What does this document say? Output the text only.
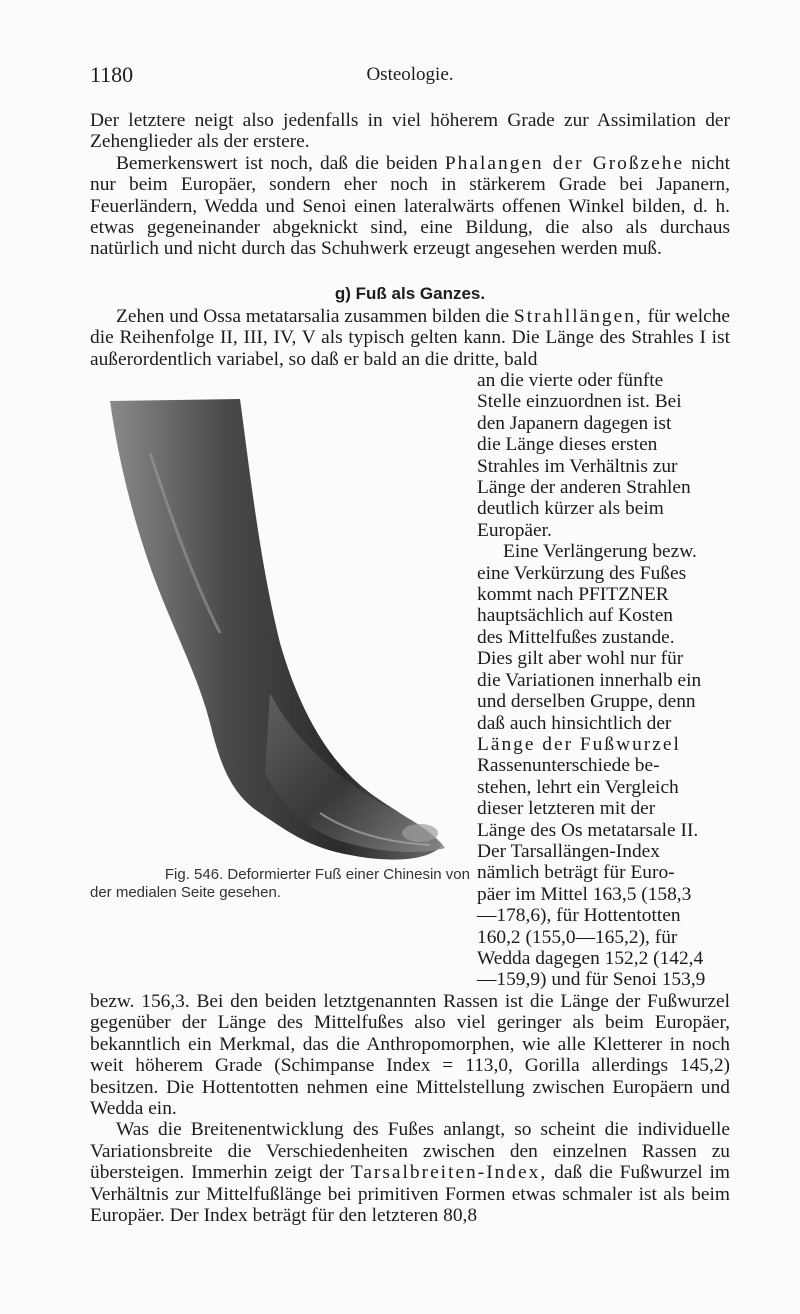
1180	Osteologie.

Der letztere neigt also jedenfalls in viel höherem Grade zur Assimilation der Zehenglieder als der erstere.

Bemerkenswert ist noch, daß die beiden Phalangen der Großzehe nicht nur beim Europäer, sondern eher noch in stärkerem Grade bei Japanern, Feuerländern, Wedda und Senoi einen lateralwärts offenen Winkel bilden, d. h. etwas gegeneinander abgeknickt sind, eine Bildung, die also als durchaus natürlich und nicht durch das Schuhwerk erzeugt angesehen werden muß.

g) Fuß als Ganzes.

Zehen und Ossa metatarsalia zusammen bilden die Strahllängen, für welche die Reihenfolge II, III, IV, V als typisch gelten kann. Die Länge des Strahles I ist außerordentlich variabel, so daß er bald an die dritte, bald

Fig. 546. Deformierter Fuß einer Chinesin von
der medialen Seite gesehen.
an die vierte oder fünfte
Stelle einzuordnen ist. Bei
den Japanern dagegen ist
die Länge dieses ersten
Strahles im Verhältnis zur
Länge der anderen Strahlen
deutlich kürzer als beim
Europäer.
Eine Verlängerung bezw.
eine Verkürzung des Fußes
kommt nach PFITZNER
hauptsächlich auf Kosten
des Mittelfußes zustande.
Dies gilt aber wohl nur für
die Variationen innerhalb ein
und derselben Gruppe, denn
daß auch hinsichtlich der
Länge der Fußwurzel
Rassenunterschiede be-
stehen, lehrt ein Vergleich
dieser letzteren mit der
Länge des Os metatarsale II.
Der Tarsallängen-Index
nämlich beträgt für Euro-
päer im Mittel 163,5 (158,3
—178,6), für Hottentotten
160,2 (155,0—165,2), für
Wedda dagegen 152,2 (142,4
—159,9) und für Senoi 153,9

bezw. 156,3. Bei den beiden letztgenannten Rassen ist die Länge der Fußwurzel gegenüber der Länge des Mittelfußes also viel geringer als beim Europäer, bekanntlich ein Merkmal, das die Anthropomorphen, wie alle Kletterer in noch weit höherem Grade (Schimpanse Index = 113,0, Gorilla allerdings 145,2) besitzen. Die Hottentotten nehmen eine Mittelstellung zwischen Europäern und Wedda ein.

Was die Breitenentwicklung des Fußes anlangt, so scheint die individuelle Variationsbreite die Verschiedenheiten zwischen den einzelnen Rassen zu übersteigen. Immerhin zeigt der Tarsalbreiten-Index, daß die Fußwurzel im Verhältnis zur Mittelfußlänge bei primitiven Formen etwas schmaler ist als beim Europäer. Der Index beträgt für den letzteren 80,8
